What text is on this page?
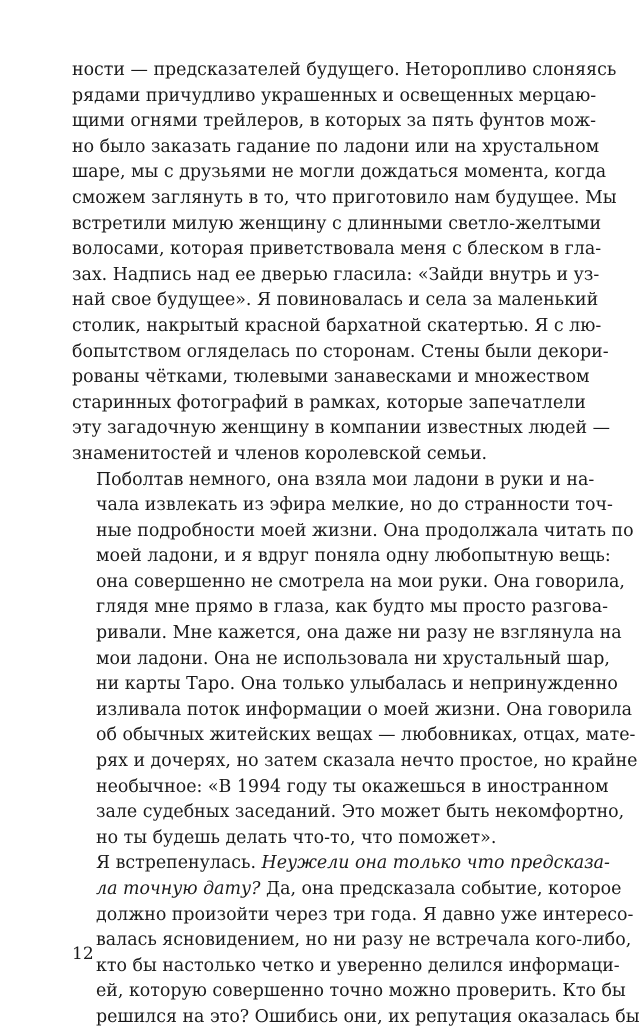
ности — предсказателей будущего. Неторопливо слоняясь
рядами причудливо украшенных и освещенных мерцаю-
щими огнями трейлеров, в которых за пять фунтов мож-
но было заказать гадание по ладони или на хрустальном
шаре, мы с друзьями не могли дождаться момента, когда
сможем заглянуть в то, что приготовило нам будущее. Мы
встретили милую женщину с длинными светло-желтыми
волосами, которая приветствовала меня с блеском в гла-
зах. Надпись над ее дверью гласила: «Зайди внутрь и уз-
най свое будущее». Я повиновалась и села за маленький
столик, накрытый красной бархатной скатертью. Я с лю-
бопытством огляделась по сторонам. Стены были декори-
рованы чётками, тюлевыми занавесками и множеством
старинных фотографий в рамках, которые запечатлели
эту загадочную женщину в компании известных людей —
знаменитостей и членов королевской семьи.

Поболтав немного, она взяла мои ладони в руки и на-
чала извлекать из эфира мелкие, но до странности точ-
ные подробности моей жизни. Она продолжала читать по
моей ладони, и я вдруг поняла одну любопытную вещь:
она совершенно не смотрела на мои руки. Она говорила,
глядя мне прямо в глаза, как будто мы просто разгова-
ривали. Мне кажется, она даже ни разу не взглянула на
мои ладони. Она не использовала ни хрустальный шар,
ни карты Таро. Она только улыбалась и непринужденно
изливала поток информации о моей жизни. Она говорила
об обычных житейских вещах — любовниках, отцах, мате-
рях и дочерях, но затем сказала нечто простое, но крайне
необычное: «В 1994 году ты окажешься в иностранном
зале судебных заседаний. Это может быть некомфортно,
но ты будешь делать что-то, что поможет».

Я встрепенулась. Неужели она только что предсказа-
ла точную дату? Да, она предсказала событие, которое
должно произойти через три года. Я давно уже интересо-
валась ясновидением, но ни разу не встречала кого-либо,
кто бы настолько четко и уверенно делился информаци-
ей, которую совершенно точно можно проверить. Кто бы
решился на это? Ошибись они, их репутация оказалась бы

12
